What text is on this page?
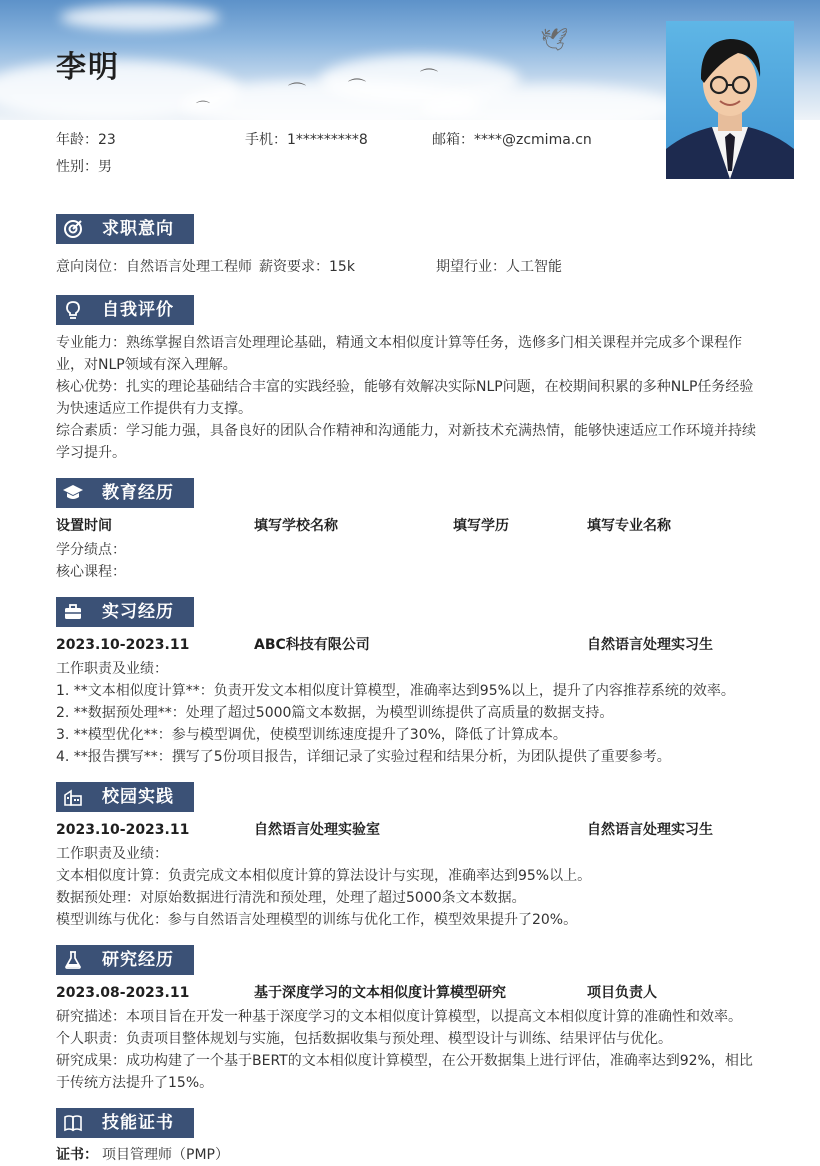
🕊
⌒ ⌒	⌒
⌒
李明
年龄：23	手机：1*********8	邮箱：****@zcmima.cn
性别：男
求职意向
意向岗位：自然语言处理工程师 薪资要求：15k	期望行业：人工智能
自我评价
专业能力：熟练掌握自然语言处理理论基础，精通文本相似度计算等任务，选修多门相关课程并完成多个课程作业，对NLP领域有深入理解。
核心优势：扎实的理论基础结合丰富的实践经验，能够有效解决实际NLP问题，在校期间积累的多种NLP任务经验为快速适应工作提供有力支撑。
综合素质：学习能力强，具备良好的团队合作精神和沟通能力，对新技术充满热情，能够快速适应工作环境并持续学习提升。
教育经历
设置时间	填写学校名称	填写学历	填写专业名称
学分绩点：
核心课程：
实习经历
2023.10-2023.11	ABC科技有限公司	自然语言处理实习生
工作职责及业绩：
1. **文本相似度计算**：负责开发文本相似度计算模型，准确率达到95%以上，提升了内容推荐系统的效率。
2. **数据预处理**：处理了超过5000篇文本数据，为模型训练提供了高质量的数据支持。
3. **模型优化**：参与模型调优，使模型训练速度提升了30%，降低了计算成本。
4. **报告撰写**：撰写了5份项目报告，详细记录了实验过程和结果分析，为团队提供了重要参考。
校园实践
2023.10-2023.11	自然语言处理实验室	自然语言处理实习生
工作职责及业绩：
文本相似度计算：负责完成文本相似度计算的算法设计与实现，准确率达到95%以上。
数据预处理：对原始数据进行清洗和预处理，处理了超过5000条文本数据。
模型训练与优化：参与自然语言处理模型的训练与优化工作，模型效果提升了20%。
研究经历
2023.08-2023.11	基于深度学习的文本相似度计算模型研究	项目负责人
研究描述：本项目旨在开发一种基于深度学习的文本相似度计算模型，以提高文本相似度计算的准确性和效率。
个人职责：负责项目整体规划与实施，包括数据收集与预处理、模型设计与训练、结果评估与优化。
研究成果：成功构建了一个基于BERT的文本相似度计算模型，在公开数据集上进行评估，准确率达到92%，相比于传统方法提升了15%。
技能证书
证书： 项目管理师（PMP）
